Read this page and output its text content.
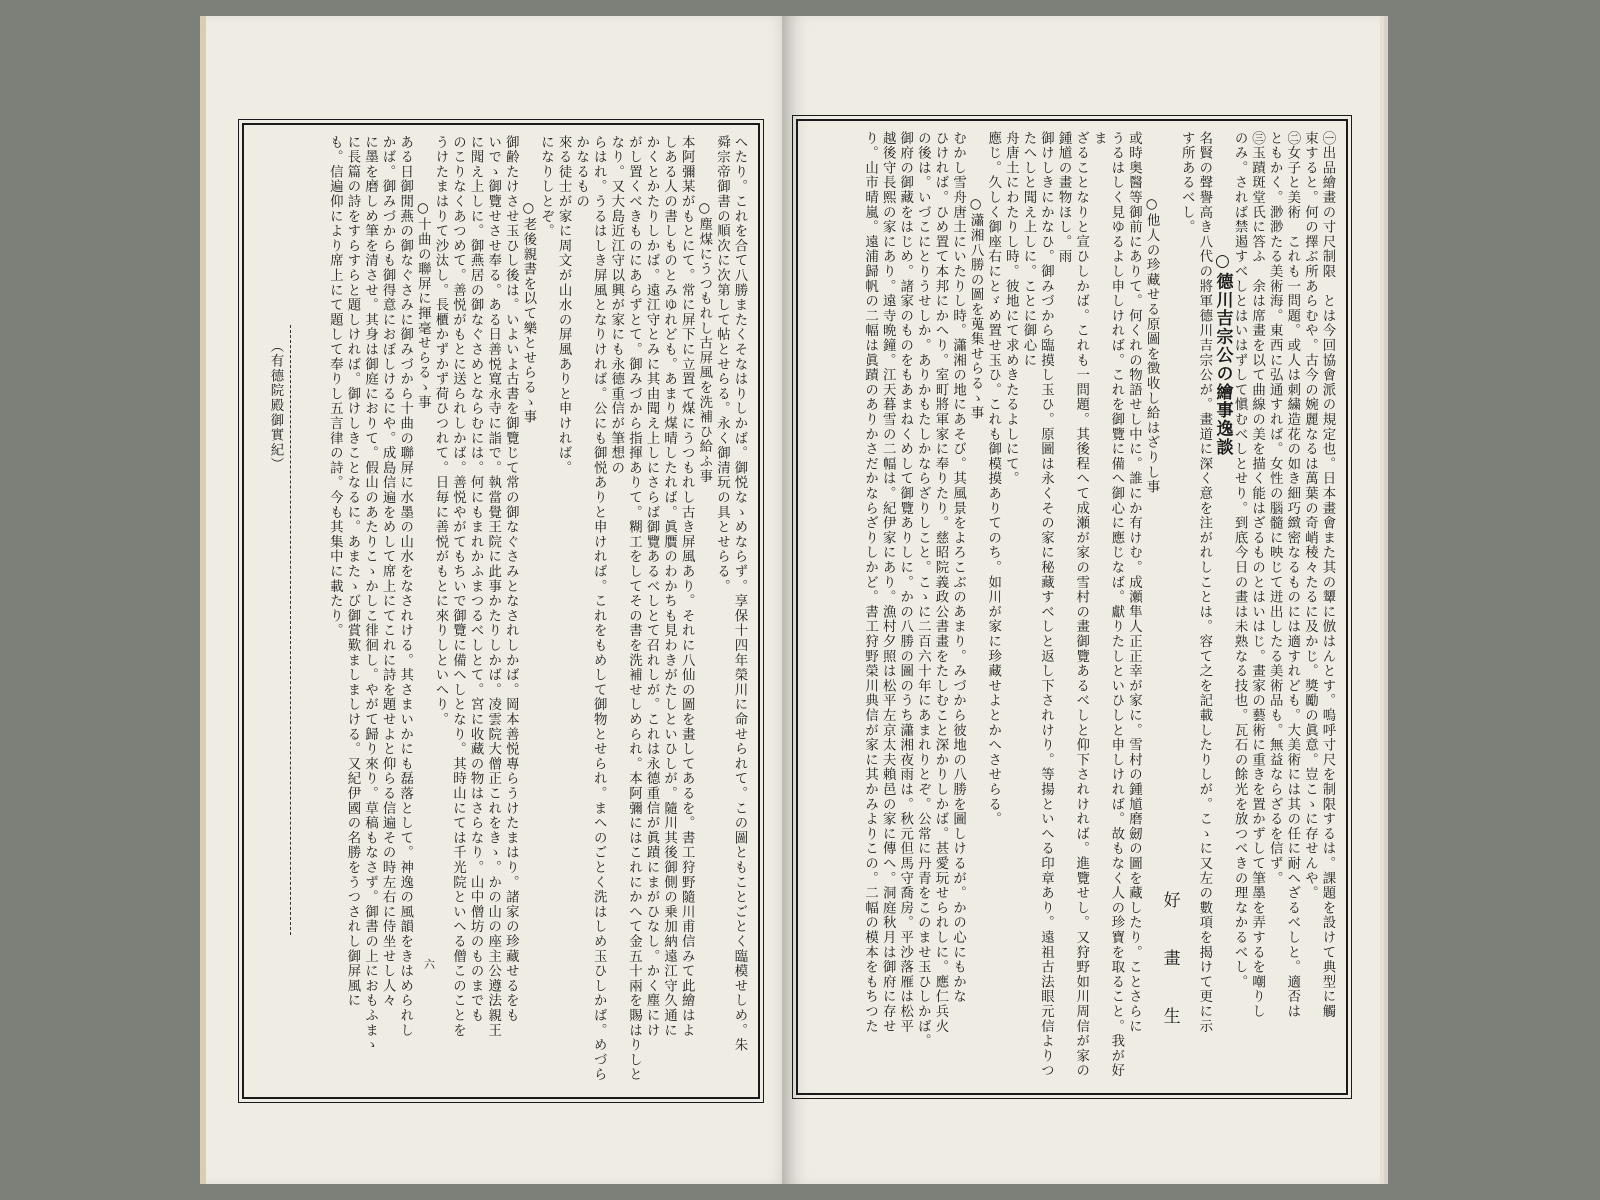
へたり。これを合て八勝またくそなはりしかば。御悦なゝめならず。享保十四年榮川に命せられて。この圖ともことごとく臨模せしめ。朱

舜宗帝御書の順次に次第して帖とせらる。永く御清玩の具とせらる。

○塵煤にうつもれし古屏風を洗補ひ給ふ事

本阿彌某がもとにて。常に屏下に立置て煤にうつもれし古き屏風あり。それに八仙の圖を畫してあるを。書工狩野隨川甫信みて此繪はよ

しある人の書しものとみゆれども。あまり煤晴したれば。眞贋のわかちも見わきがたしといひしが。隨川其後御側の乗加納遠江守久通に

かくとかたりしかば。遠江守とみに其由聞え上しにさらば御覽あるべしとて召れしが。これは永德重信が眞蹟にまがひなし。かく塵にけ

がし置くべきものにあらずとて。御みづから指揮ありて。糊工をしてその書を洗補せしめられ。本阿彌にはこれにかへて金五十兩を賜はりしとなり。又大島近江守以興が家にも永德重信が筆想の

らはれ。うるはしき屏風となりければ。公にも御悦ありと申ければ。これをもめして御物とせられ。まへのごとく洗はしめ玉ひしかば。めづらかなるもの

來る徒士が家に周文が山水の屏風ありと申ければ。

になりしとぞ。

○老後親書を以て樂とせらるゝ事

御齢たけさせ玉ひし後は。いよいよ古書を御覽じて常の御なぐさみとなされしかば。岡本善悦專らうけたまはり。諸家の珍藏せるをも

いでゝ御覽せさせ奉る。ある日善悦寛永寺に詣で。執當覺王院に此事かたりしかば。凌雲院大僧正これをきゝ。かの山の座主公遵法親王

に聞え上しに。御燕居の御なぐさめとならむには。何にもまれかふまつるべしとて。宮に收藏の物はさらなり。山中僧坊のものまでも

のこりなくあつめて。善悦がもとに送られしかば。善悦やがてもちいで御覽に備へしとなり。其時山にては千光院といへる僧このことを

うけたまはりて沙汰し。長櫃かずかず荷ひつれて。日毎に善悦がもとに來りしといへり。

○十曲の聯屏に揮毫せらるゝ事

ある日御閒燕の御なぐさみに御みづから十曲の聯屏に水墨の山水をなされける。其さまいかにも磊落として。神逸の風韻をきはめられし

かば。御みづからも御得意におぼしけるにや。成島信遍をめして席上にてこれに詩を題せよと仰らる信遍その時左右に侍坐せし人々

に墨を磨しめ筆を清させ。其身は御庭におりて。假山のあたりこゝかしこ徘徊し。やがて歸り來り。草稿もなさず。御書の上におもふまゝ

に長篇の詩をすらすらと題しければ。御けしきことなるに。あまたゝび御賞歎ましましける。又紀伊國の名勝をうつされし御屏風に

も。信遍仰により席上にて題して奉りし五言律の詩。今も其集中に載たり。

（有德院殿御實紀）
六	㊀出品繪畫の寸尺制限　とは今回協會派の規定也。日本畫會また其の顰に倣はんとす。嗚呼寸尺を制限するは。課題を設けて典型に觸

束すると。何の擇ぶ所あらむや。古今の婉麗なるは萬葉の奇峭稜々たるに及かじ。獎勵の眞意。豈こゝに存せんや。

㊁女子と美術　これも一問題。或人は刺繍造花の如き細巧緻密なるものには適すれども。大美術には其の任に耐へざるべしと。適否は

ともかく。渺渺たる美術海。東西に弘通すれば。女性の腦髓に映じて迸出したる美術品も。無益ならざるを信ず。

㊂玉蹟斑堂氏に答ふ　余は席畫を以て曲線の美を描く能はざるものとはいはじ。畫家の藝術に重きを置かずして筆墨を弄するを嘲りし

のみ。されば禁遏すべしとはいはずして愼むべしとせり。到底今日の畫は未熟なる技也。瓦石の餘光を放つべきの理なかるべし。

○德川吉宗公の繪事逸談

名賢の聲譽高き八代の將軍德川吉宗公が。畫道に深く意を注がれしことは。容て之を記載したりしが。こゝに又左の數項を揭けて更に示

す所あるべし。

好　畫　生

○他人の珍藏せる原圖を徴收し給はざりし事

或時奥醫等御前にありて。何くれの物語せし中に。誰にか有けむ。成瀬隼人正正幸が家に。雪村の鍾馗磨劒の圖を藏したり。ことさらに

うるはしく見ゆるよし申しければ。これを御覽に備へ御心に應じなば。獻りたしといひしと申しければ。故もなく人の珍寶を取ること。我が好ま

ざることなりと宣ひしかば。これも一問題。其後程へて成瀬が家の雪村の畫御覽あるべしと仰下されければ。進覽せし。又狩野如川周信が家の鍾馗の畫物ほし。雨

御けしきにかなひ。御みづから臨摸し玉ひ。原圖は永くその家に秘藏すべしと返し下されけり。等揚といへる印章あり。遠祖古法眼元信よりつたへしと聞え上しに。ことに御心に

舟唐土にわたりし時。彼地にて求めきたるよしにて。

應じ。久しく御座右にとゞめ置せ玉ひ。これも御模摸ありてのち。如川が家に珍藏せよとかへさせらる。

○瀟湘八勝の圖を蒐集せらるゝ事

むかし雪舟唐土にいたりし時。瀟湘の地にあそび。其風景をよろこぶのあまり。みづから彼地の八勝を圖しけるが。かの心にもかな

ひければ。ひめ置て本邦にかへり。室町將軍家に奉りたり。慈昭院義政公書畫をたしむこと深かりしかば。甚愛玩せられしに。應仁兵火

の後は。いづこにとりうせしか。ありかもたしかならざりしこと。こゝに二百六十年にあまれりとぞ。公常に丹青をこのませ玉ひしかば。

御府の御藏をはじめ。諸家のものをもあまねくめして御覽ありしに。かの八勝の圖のうち瀟湘夜雨は。秋元但馬守喬房。平沙落雁は松平

越後守長熙の家にあり。遠寺晩鐘。江天暮雪の二幅は。紀伊家にあり。漁村夕照は松平左京太夫賴邑の家に傳へ。洞庭秋月は御府に存せ

り。山市晴嵐。遠浦歸帆の二幅は眞蹟のありかさだかならざりしかど。書工狩野榮川典信が家に其かみよりこの。二幅の模本をもちつた
